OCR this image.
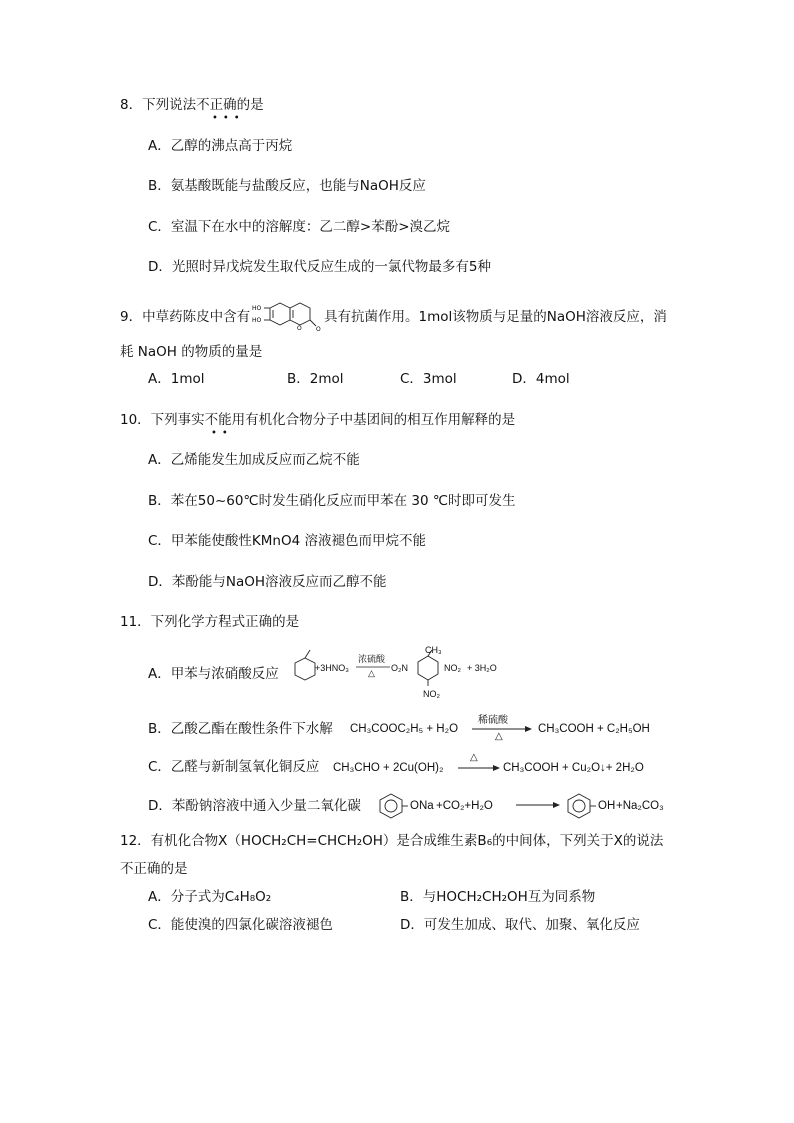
8．下列说法不正确的是
•••
A．乙醇的沸点高于丙烷
B．氨基酸既能与盐酸反应，也能与NaOH反应
C．室温下在水中的溶解度：乙二醇>苯酚>溴乙烷
D．光照时异戊烷发生取代反应生成的一氯代物最多有5种
9．中草药陈皮中含有
HO
HO
O O
具有抗菌作用。1mol该物质与足量的NaOH溶液反应，消
耗 NaOH 的物质的量是
A．1mol	B．2mol	C．3mol	D．4mol
10．下列事实不能用有机化合物分子中基团间的相互作用解释的是
••
A．乙烯能发生加成反应而乙烷不能
B．苯在50~60℃时发生硝化反应而甲苯在 30 ℃时即可发生
C．甲苯能使酸性KMnO4 溶液褪色而甲烷不能
D．苯酚能与NaOH溶液反应而乙醇不能
11．下列化学方程式正确的是
A．甲苯与浓硝酸反应	+3HNO₃
浓硫酸
△ O₂N
CH₃
NO₂
NO₂
+ 3H₂O
B．乙酸乙酯在酸性条件下水解 CH₃COOC₂H₅ + H₂O
稀硫酸
△
CH₃COOH + C₂H₅OH
C．乙醛与新制氢氧化铜反应 CH₃CHO + 2Cu(OH)₂
△
CH₃COOH + Cu₂O↓+ 2H₂O
D．苯酚钠溶液中通入少量二氧化碳	ONa +CO₂+H₂O	OH +Na₂CO₃
12．有机化合物X（HOCH₂CH=CHCH₂OH）是合成维生素B₆的中间体，下列关于X的说法
不正确的是
A．分子式为C₄H₈O₂	B．与HOCH₂CH₂OH互为同系物
C．能使溴的四氯化碳溶液褪色	D．可发生加成、取代、加聚、氧化反应
